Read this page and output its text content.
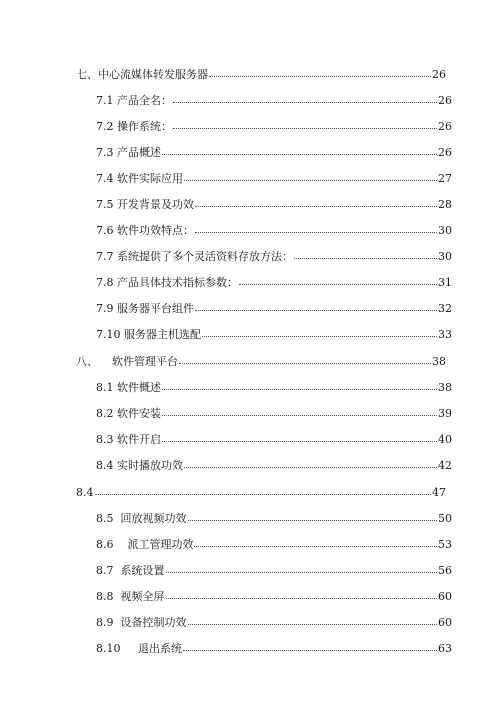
七、中心流媒体转发服务器	26
7.1 产品全名：	26
7.2 操作系统：	26
7.3 产品概述	26
7.4 软件实际应用	27
7.5 开发背景及功效	28
7.6 软件功效特点：	30
7.7 系统提供了多个灵活资料存放方法：	30
7.8 产品具体技术指标参数：	31
7.9 服务器平台组件	32
7.10 服务器主机选配	33
八、    软件管理平台	38
8.1 软件概述	38
8.2 软件安装	39
8.3 软件开启	40
8.4 实时播放功效	42
8.4	47
8.5  回放视频功效	50
8.6    派工管理功效	53
8.7  系统设置	56
8.8  视频全屏	60
8.9  设备控制功效	60
8.10     退出系统	63
